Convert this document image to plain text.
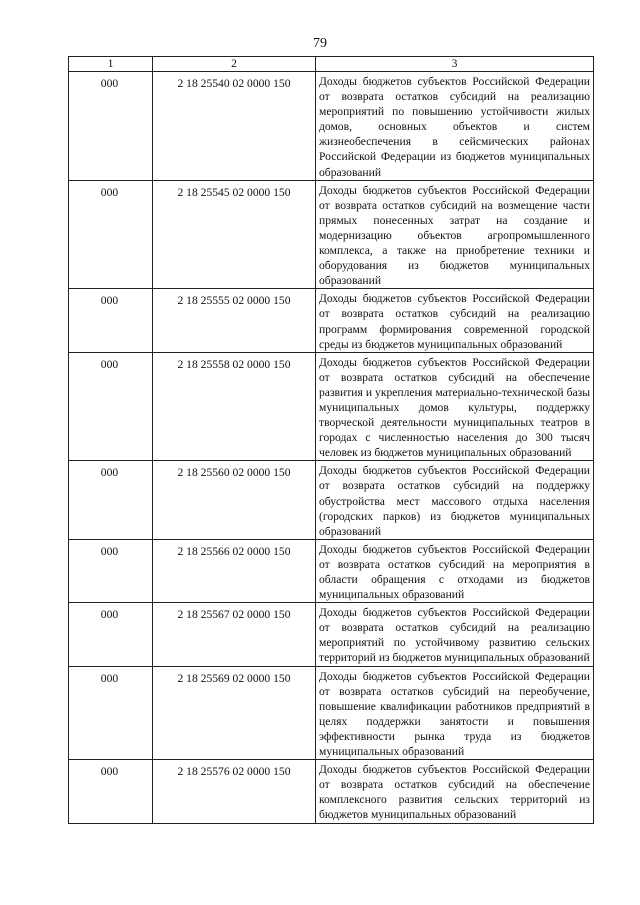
79
1	2	3
000	2 18 25540 02 0000 150	Доходы бюджетов субъектов Российской Федерации от возврата остатков субсидий на реализацию мероприятий по повышению устойчивости жилых домов, основных объектов и систем жизнеобеспечения в сейсмических районах Российской Федерации из бюджетов муниципальных образований
000	2 18 25545 02 0000 150	Доходы бюджетов субъектов Российской Федерации от возврата остатков субсидий на возмещение части прямых понесенных затрат на создание и модернизацию объектов агропромышленного комплекса, а также на приобретение техники и оборудования из бюджетов муниципальных образований
000	2 18 25555 02 0000 150	Доходы бюджетов субъектов Российской Федерации от возврата остатков субсидий на реализацию программ формирования современной городской среды из бюджетов муниципальных образований
000	2 18 25558 02 0000 150	Доходы бюджетов субъектов Российской Федерации от возврата остатков субсидий на обеспечение развития и укрепления материально-технической базы муниципальных домов культуры, поддержку творческой деятельности муниципальных театров в городах с численностью населения до 300 тысяч человек из бюджетов муниципальных образований
000	2 18 25560 02 0000 150	Доходы бюджетов субъектов Российской Федерации от возврата остатков субсидий на поддержку обустройства мест массового отдыха населения (городских парков) из бюджетов муниципальных образований
000	2 18 25566 02 0000 150	Доходы бюджетов субъектов Российской Федерации от возврата остатков субсидий на мероприятия в области обращения с отходами из бюджетов муниципальных образований
000	2 18 25567 02 0000 150	Доходы бюджетов субъектов Российской Федерации от возврата остатков субсидий на реализацию мероприятий по устойчивому развитию сельских территорий из бюджетов муниципальных образований
000	2 18 25569 02 0000 150	Доходы бюджетов субъектов Российской Федерации от возврата остатков субсидий на переобучение, повышение квалификации работников предприятий в целях поддержки занятости и повышения эффективности рынка труда из бюджетов муниципальных образований
000	2 18 25576 02 0000 150	Доходы бюджетов субъектов Российской Федерации от возврата остатков субсидий на обеспечение комплексного развития сельских территорий из бюджетов муниципальных образований
